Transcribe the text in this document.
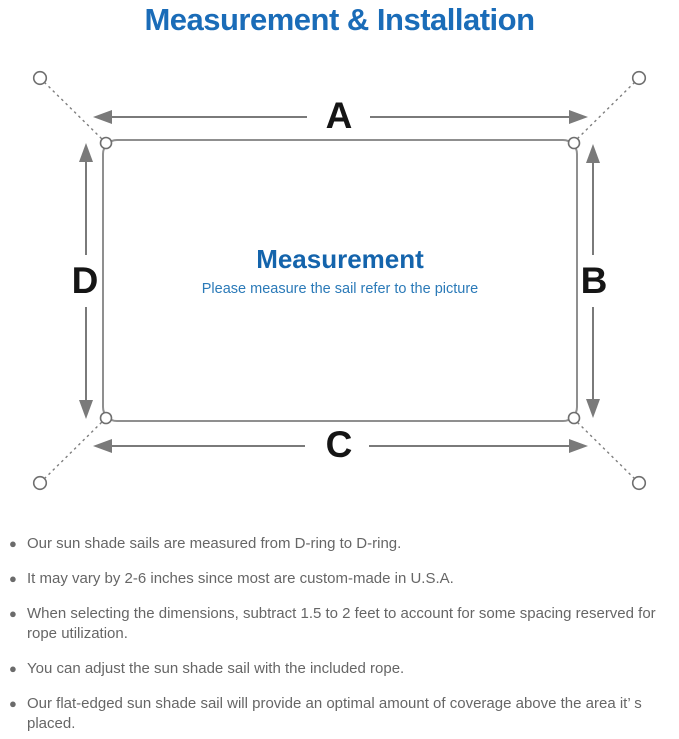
Measurement & Installation
A
B
C
D
Measurement
Please measure the sail refer to the picture
● Our sun shade sails are measured from D-ring to D-ring.
● It may vary by 2-6 inches since most are custom-made in U.S.A.
● When selecting the dimensions, subtract 1.5 to 2 feet to account for some spacing reserved for rope utilization.
● You can adjust the sun shade sail with the included rope.
● Our flat-edged sun shade sail will provide an optimal amount of coverage above the area it’ s placed.
